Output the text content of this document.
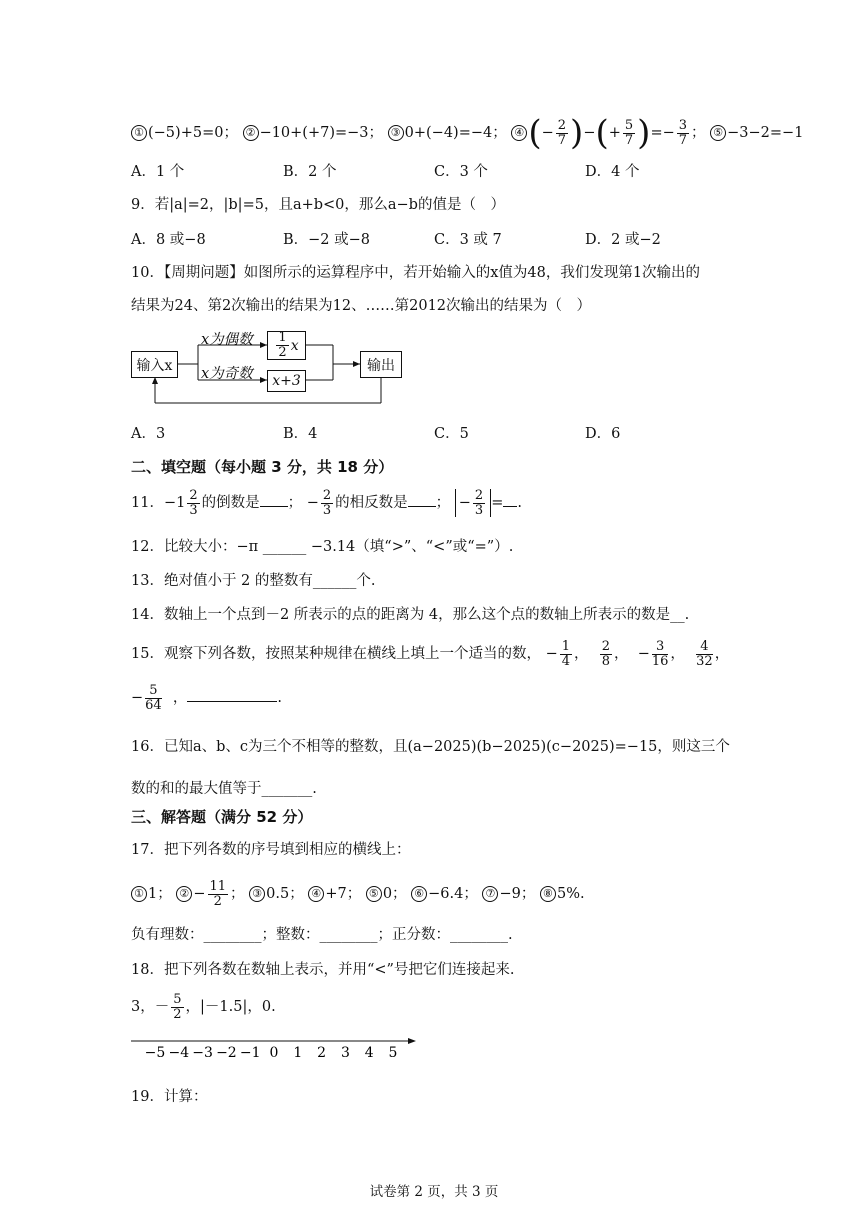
① (−5)+5=0； ② −10+(+7)=−3； ③ 0+(−4)=−4； ④ (− $\frac{2}{7}$ )−(+ $\frac{5}{7}$ )=− $\frac{3}{7}$ ； ⑤ −3−2=−1
A．1 个	B．2 个	C．3 个	D．4 个
9．若|a|=2，|b|=5，且a+b<0，那么a−b的值是（　）
A．8 或−8	B．−2 或−8	C．3 或 7	D．2 或−2
10．【周期问题】如图所示的运算程序中，若开始输入的x值为48，我们发现第1次输出的
结果为24、第2次输出的结果为12、……第2012次输出的结果为（　）
输入x
x为偶数
x为奇数
$\frac{1}{2}$ x
x+3
输出
A．3	B．4	C．5	D．6
二、填空题（每小题 3 分，共 18 分）
11．$-1 \frac{2}{3}$ 的倒数是 ； − $\frac{2}{3}$ 的相反数是 ； − $\frac{2}{3}$ = .
12．比较大小：−π ______ −3.14（填“>”、“<”或“=”）.
13．绝对值小于 2 的整数有______个.
14．数轴上一个点到－2 所表示的点的距离为 4，那么这个点的数轴上所表示的数是__.
15．观察下列各数，按照某种规律在横线上填上一个适当的数， − $\frac{1}{4}$ ， $\frac{2}{8}$ ，  − $\frac{3}{16}$ ， $\frac{4}{32}$ ，
− $\frac{5}{64}$ ，	.
16．已知a、b、c为三个不相等的整数，且(a−2025)(b−2025)(c−2025)=−15，则这三个
数的和的最大值等于_______.
三、解答题（满分 52 分）
17．把下列各数的序号填到相应的横线上：
① 1； ② − $\frac{11}{2}$ ； ③ 0.5； ④ +7； ⑤ 0； ⑥ −6.4； ⑦ −9； ⑧ 5%.
负有理数：________；整数：________；正分数：________.
18．把下列各数在数轴上表示，并用“<”号把它们连接起来.
3，－ $\frac{5}{2}$ ，|－1.5|，0.
−5 −4 −3 −2 −1 0 1 2 3 4 5
19．计算：
试卷第 2 页，共 3 页
